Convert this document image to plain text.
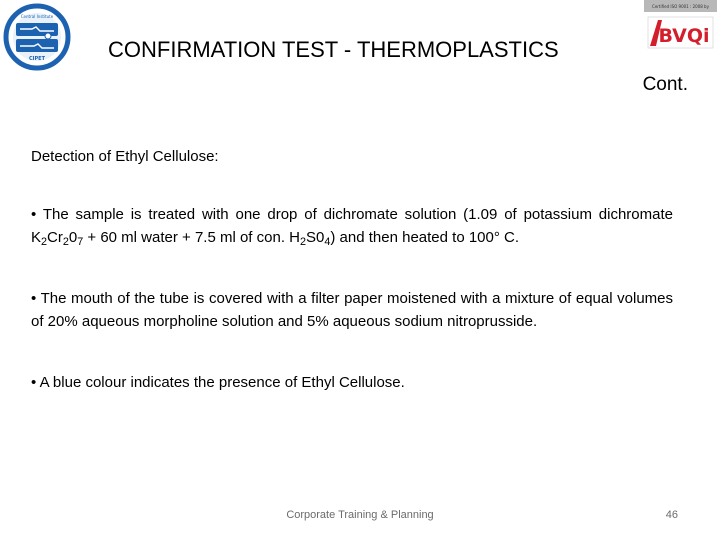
Central Institute
CIPET
Certified ISO 9001 : 2008 by
BVQi
CONFIRMATION TEST - THERMOPLASTICS
Cont.
Detection of Ethyl Cellulose:
• The sample is treated with one drop of dichromate solution (1.09 of potassium dichromate $K_2Cr_20_7 + 60$ ml water + 7.5 ml of con. $H_2S0_4$) and then heated to 100° C.
• The mouth of the tube is covered with a filter paper moistened with a mixture of equal volumes of 20% aqueous morpholine solution and 5% aqueous sodium nitroprusside.
• A blue colour indicates the presence of Ethyl Cellulose.
Corporate Training & Planning	46
